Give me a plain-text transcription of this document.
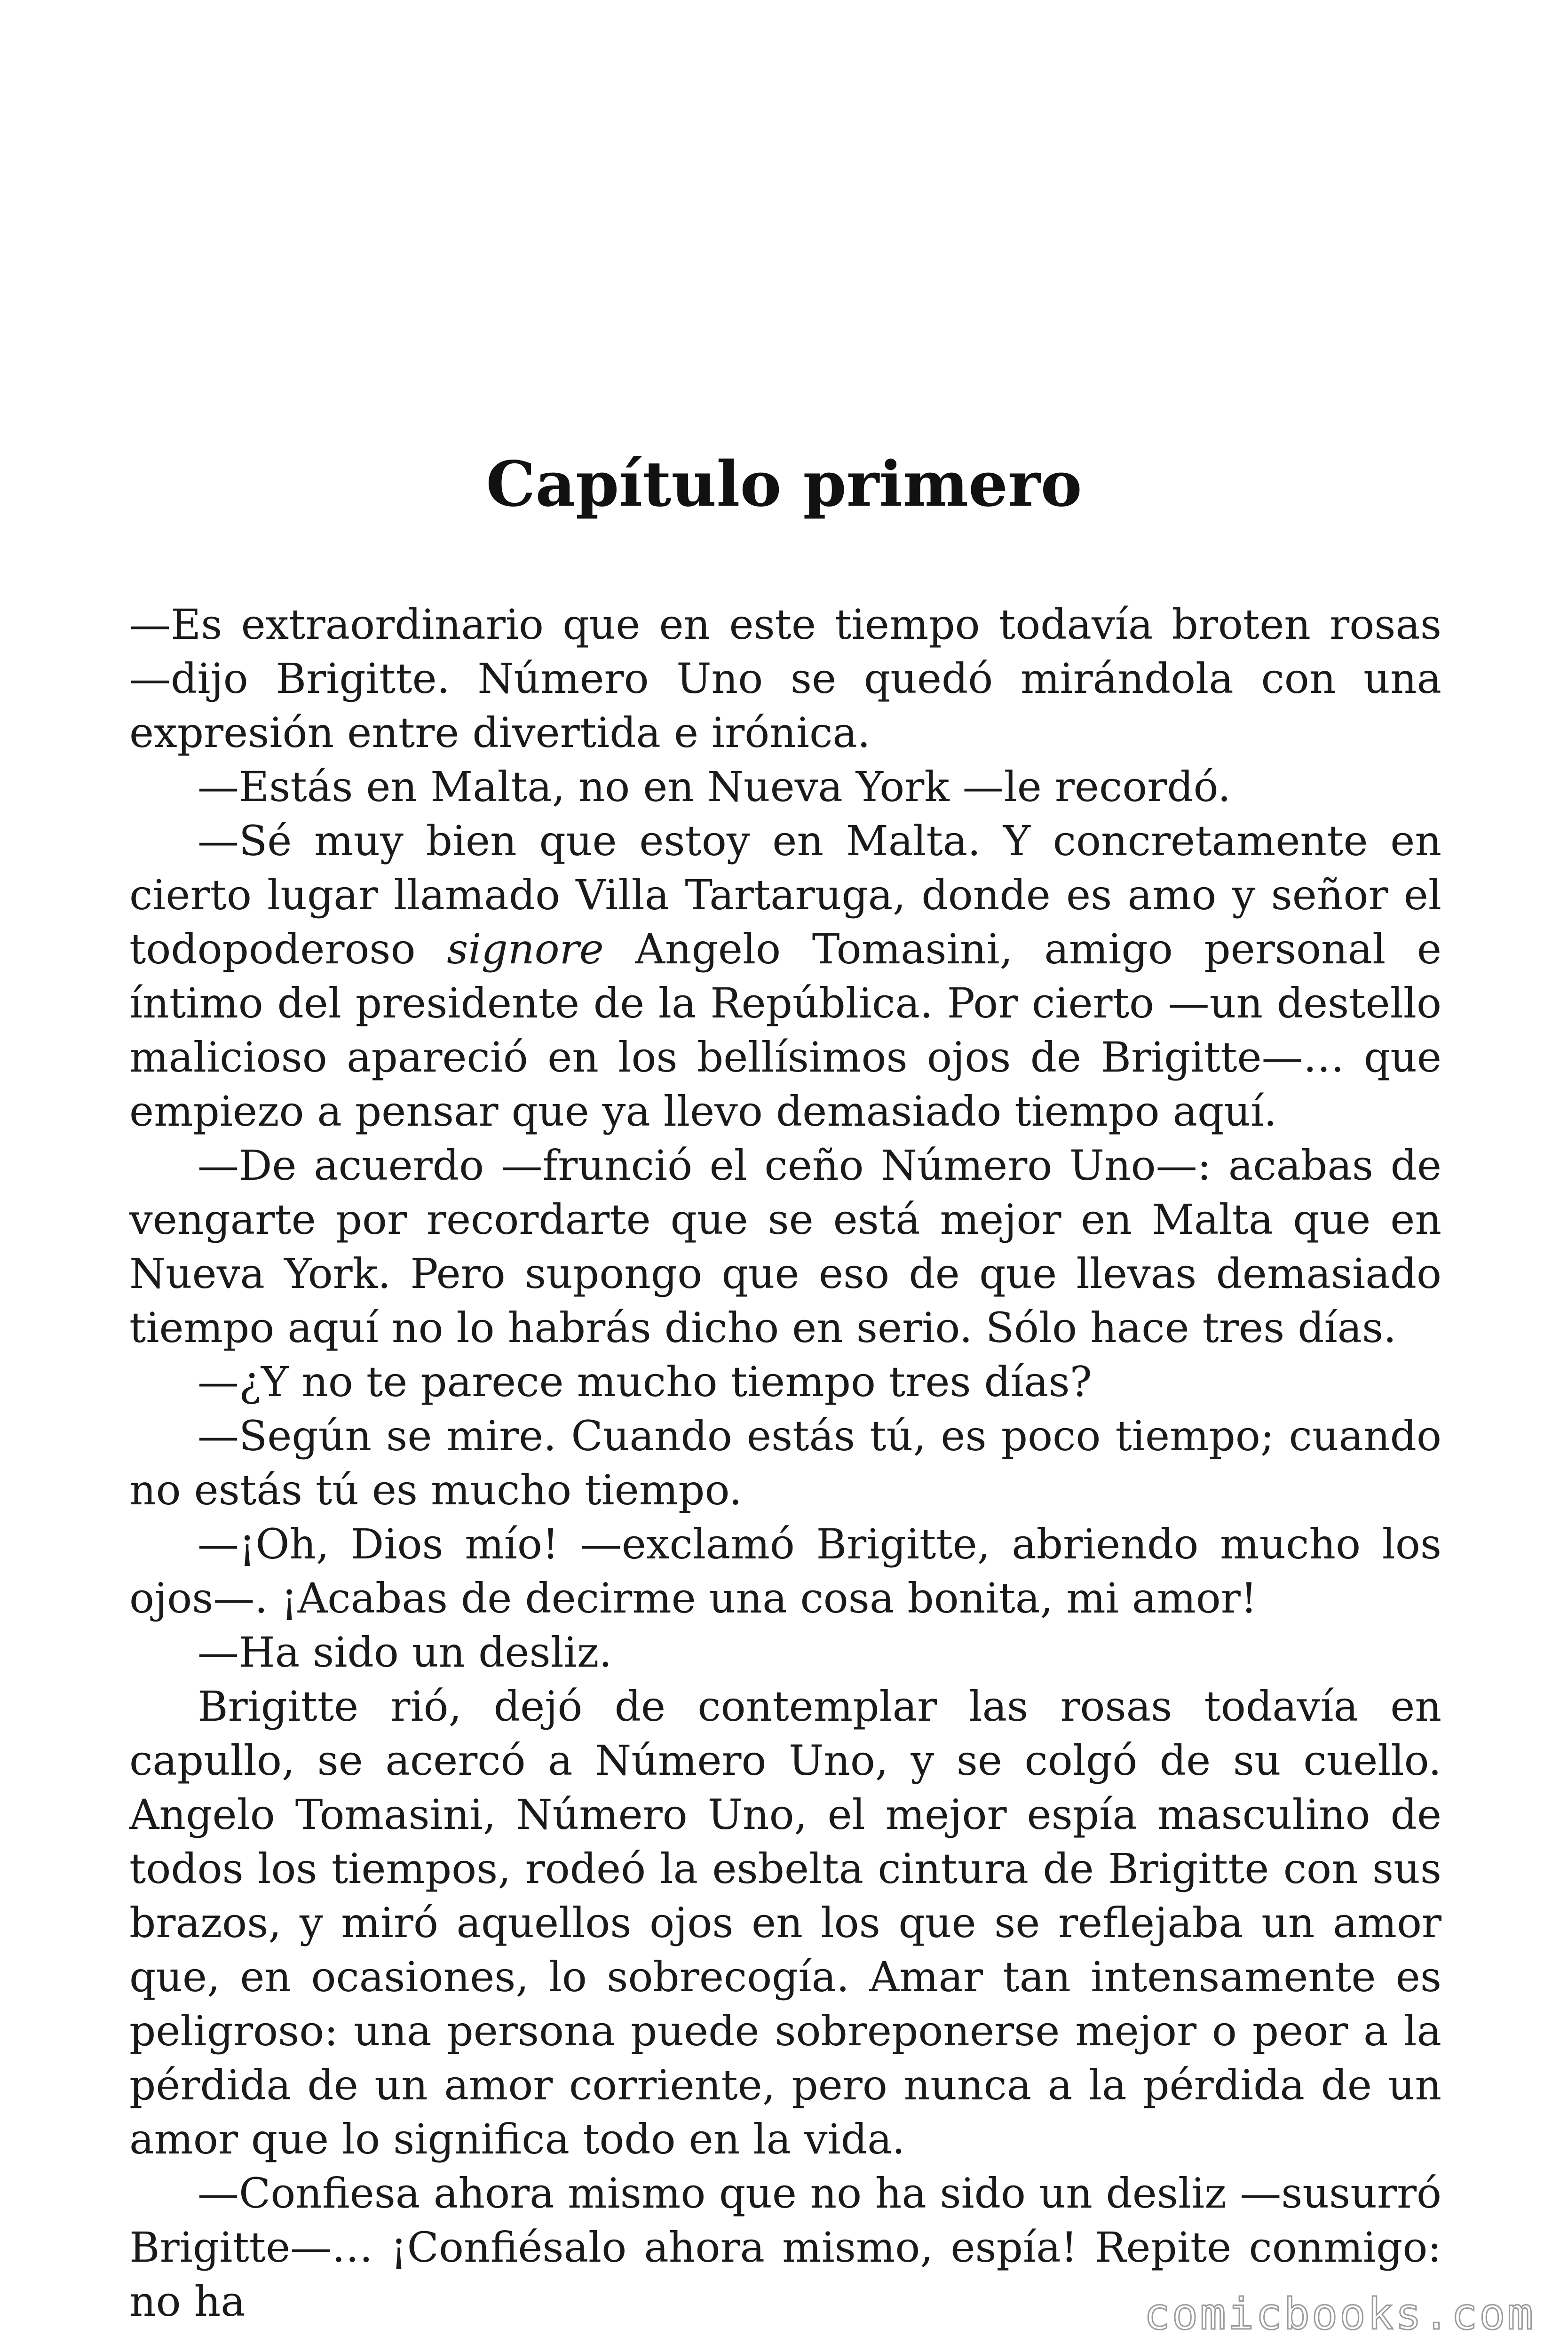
Capítulo primero

—Es extraordinario que en este tiempo todavía broten rosas —dijo Brigitte. Número Uno se quedó mirándola con una expresión entre divertida e irónica.

—Estás en Malta, no en Nueva York —le recordó.

—Sé muy bien que estoy en Malta. Y concretamente en cierto lugar llamado Villa Tartaruga, donde es amo y señor el todopoderoso signore Angelo Tomasini, amigo personal e íntimo del presidente de la República. Por cierto —un destello malicioso apareció en los bellísimos ojos de Brigitte—… que empiezo a pensar que ya llevo demasiado tiempo aquí.

—De acuerdo —frunció el ceño Número Uno—: acabas de vengarte por recordarte que se está mejor en Malta que en Nueva York. Pero supongo que eso de que llevas demasiado tiempo aquí no lo habrás dicho en serio. Sólo hace tres días.

—¿Y no te parece mucho tiempo tres días?

—Según se mire. Cuando estás tú, es poco tiempo; cuando no estás tú es mucho tiempo.

—¡Oh, Dios mío! —exclamó Brigitte, abriendo mucho los ojos—. ¡Acabas de decirme una cosa bonita, mi amor!

—Ha sido un desliz.

Brigitte rió, dejó de contemplar las rosas todavía en capullo, se acercó a Número Uno, y se colgó de su cuello. Angelo Tomasini, Número Uno, el mejor espía masculino de todos los tiempos, rodeó la esbelta cintura de Brigitte con sus brazos, y miró aquellos ojos en los que se reflejaba un amor que, en ocasiones, lo sobrecogía. Amar tan intensamente es peligroso: una persona puede sobreponerse mejor o peor a la pérdida de un amor corriente, pero nunca a la pérdida de un amor que lo significa todo en la vida.

—Confiesa ahora mismo que no ha sido un desliz —susurró Brigitte—… ¡Confiésalo ahora mismo, espía! Repite conmigo: no ha	comicbooks.com
